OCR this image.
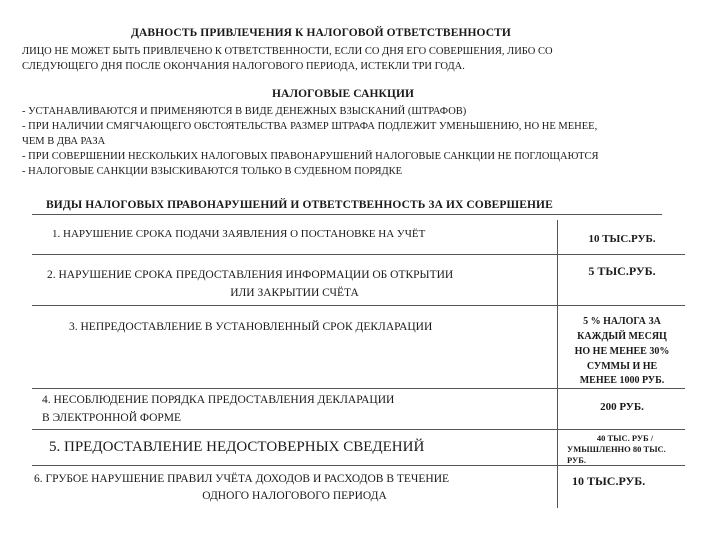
ДАВНОСТЬ ПРИВЛЕЧЕНИЯ К НАЛОГОВОЙ ОТВЕТСТВЕННОСТИ
ЛИЦО НЕ МОЖЕТ БЫТЬ ПРИВЛЕЧЕНО К ОТВЕТСТВЕННОСТИ, ЕСЛИ СО ДНЯ ЕГО СОВЕРШЕНИЯ, ЛИБО СО
СЛЕДУЮЩЕГО ДНЯ ПОСЛЕ ОКОНЧАНИЯ НАЛОГОВОГО ПЕРИОДА, ИСТЕКЛИ ТРИ ГОДА.
НАЛОГОВЫЕ САНКЦИИ
- УСТАНАВЛИВАЮТСЯ И ПРИМЕНЯЮТСЯ В ВИДЕ ДЕНЕЖНЫХ ВЗЫСКАНИЙ (ШТРАФОВ)
- ПРИ НАЛИЧИИ СМЯГЧАЮЩЕГО ОБСТОЯТЕЛЬСТВА РАЗМЕР ШТРАФА ПОДЛЕЖИТ УМЕНЬШЕНИЮ, НО НЕ МЕНЕЕ,
ЧЕМ В ДВА РАЗА
- ПРИ СОВЕРШЕНИИ НЕСКОЛЬКИХ НАЛОГОВЫХ ПРАВОНАРУШЕНИЙ НАЛОГОВЫЕ САНКЦИИ НЕ ПОГЛОЩАЮТСЯ
- НАЛОГОВЫЕ САНКЦИИ ВЗЫСКИВАЮТСЯ ТОЛЬКО В СУДЕБНОМ ПОРЯДКЕ
ВИДЫ НАЛОГОВЫХ ПРАВОНАРУШЕНИЙ И ОТВЕТСТВЕННОСТЬ ЗА ИХ СОВЕРШЕНИЕ
1. НАРУШЕНИЕ СРОКА ПОДАЧИ ЗАЯВЛЕНИЯ О ПОСТАНОВКЕ НА УЧЁТ	10 ТЫС.РУБ.
2. НАРУШЕНИЕ СРОКА ПРЕДОСТАВЛЕНИЯ ИНФОРМАЦИИ ОБ ОТКРЫТИИ
ИЛИ ЗАКРЫТИИ СЧЁТА
5 ТЫС.РУБ.
3. НЕПРЕДОСТАВЛЕНИЕ В УСТАНОВЛЕННЫЙ СРОК ДЕКЛАРАЦИИ	5 % НАЛОГА ЗА
КАЖДЫЙ МЕСЯЦ
НО НЕ МЕНЕЕ 30%
СУММЫ И НЕ
МЕНЕЕ 1000 РУБ.
4. НЕСОБЛЮДЕНИЕ ПОРЯДКА ПРЕДОСТАВЛЕНИЯ ДЕКЛАРАЦИИ
В ЭЛЕКТРОННОЙ ФОРМЕ
200 РУБ.
5. ПРЕДОСТАВЛЕНИЕ НЕДОСТОВЕРНЫХ СВЕДЕНИЙ
40 ТЫС. РУБ /
УМЫШЛЕННО 80 ТЫС.
РУБ.
6. ГРУБОЕ НАРУШЕНИЕ ПРАВИЛ УЧЁТА ДОХОДОВ И РАСХОДОВ В ТЕЧЕНИЕ
ОДНОГО НАЛОГОВОГО ПЕРИОДА
10 ТЫС.РУБ.
